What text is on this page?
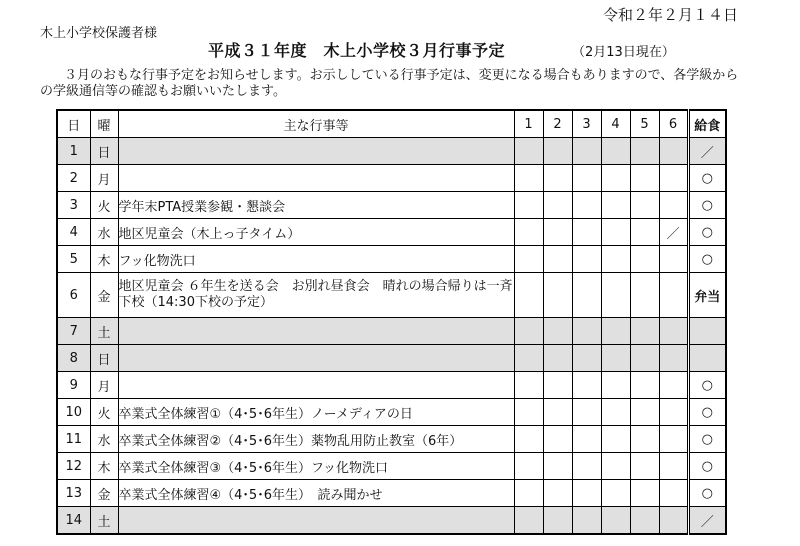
令和２年２月１４日
木上小学校保護者様
平成３１年度　木上小学校３月行事予定	（2月13日現在）
３月のおもな行事予定をお知らせします。お示ししている行事予定は、変更になる場合もありますので、各学級から
の学級通信等の確認もお願いいたします。
日	曜	主な行事等	1	2	3	4	5	6	給食
1	日								／
2	月								○
3	火	学年末PTA授業参観・懇談会							○
4	水	地区児童会（木上っ子タイム）						／	○
5	木	フッ化物洗口							○
6	金	地区児童会 ６年生を送る会　お別れ昼食会　晴れの場合帰りは一斉下校（14:30下校の予定）							弁当
7	土								
8	日								
9	月								○
10	火	卒業式全体練習①（4･5･6年生）ノーメディアの日							○
11	水	卒業式全体練習②（4･5･6年生）薬物乱用防止教室（6年）							○
12	木	卒業式全体練習③（4･5･6年生）フッ化物洗口							○
13	金	卒業式全体練習④（4･5･6年生）　読み聞かせ							○
14	土								／
